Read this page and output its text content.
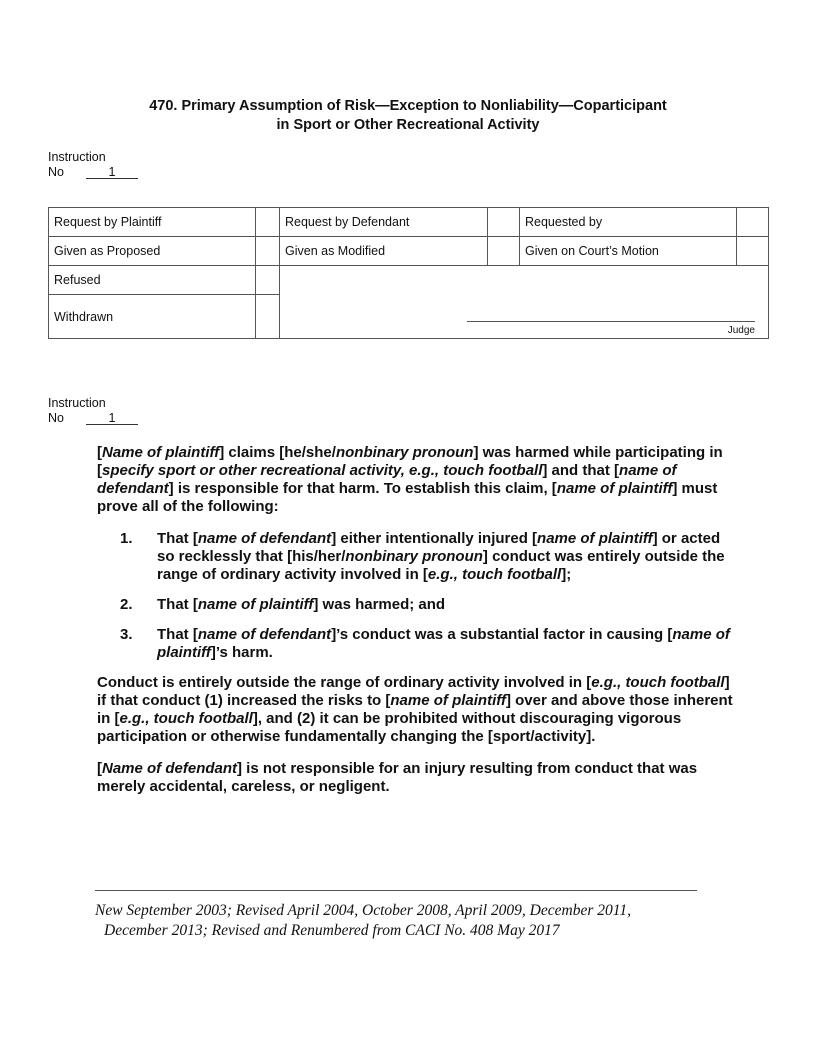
470. Primary Assumption of Risk—Exception to Nonliability—Coparticipant
in Sport or Other Recreational Activity
Instruction
No	1
Request by Plaintiff		Request by Defendant		Requested by	
Given as Proposed		Given as Modified		Given on Court’s Motion	
Refused		Judge			

Withdrawn					
Instruction
No	1

[Name of plaintiff] claims [he/she/nonbinary pronoun] was harmed while participating in [specify sport or other recreational activity, e.g., touch football] and that [name of defendant] is responsible for that harm. To establish this claim, [name of plaintiff] must prove all of the following:

1.	That [name of defendant] either intentionally injured [name of plaintiff] or acted so recklessly that [his/her/nonbinary pronoun] conduct was entirely outside the range of ordinary activity involved in [e.g., touch football];
2.	That [name of plaintiff] was harmed; and
3.	That [name of defendant]’s conduct was a substantial factor in causing [name of plaintiff]’s harm.

Conduct is entirely outside the range of ordinary activity involved in [e.g., touch football] if that conduct (1) increased the risks to [name of plaintiff] over and above those inherent in [e.g., touch football], and (2) it can be prohibited without discouraging vigorous participation or otherwise fundamentally changing the [sport/activity].

[Name of defendant] is not responsible for an injury resulting from conduct that was merely accidental, careless, or negligent.

New September 2003; Revised April 2004, October 2008, April 2009, December 2011,
December 2013; Revised and Renumbered from CACI No. 408 May 2017
